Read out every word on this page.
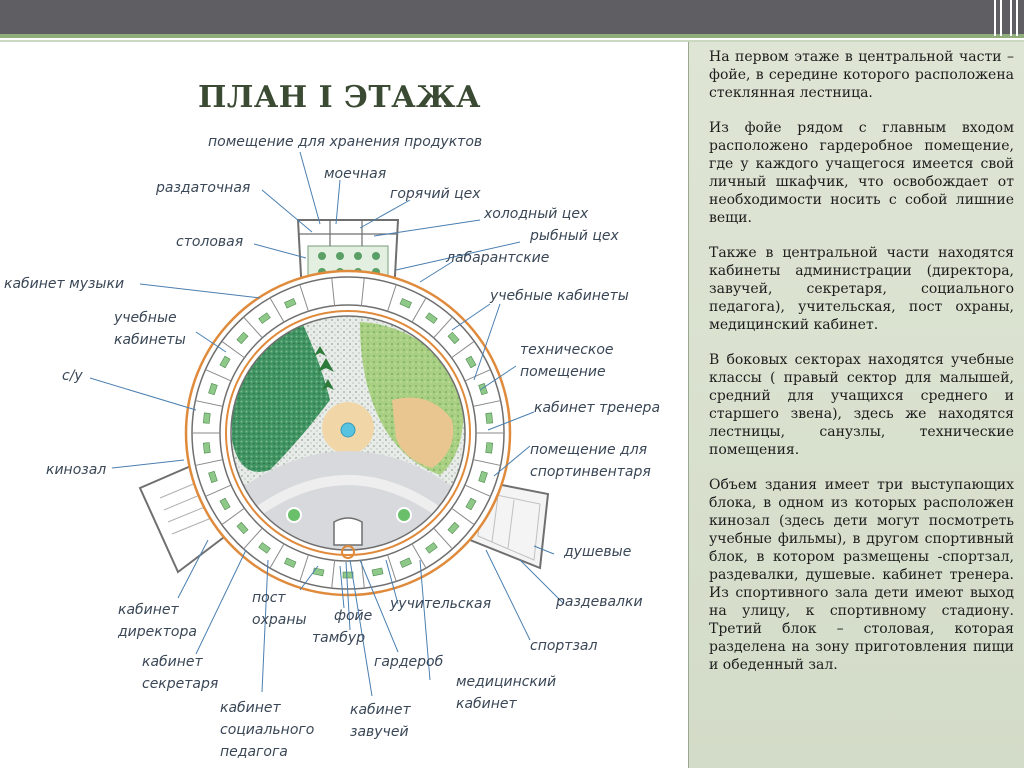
ПЛАН I ЭТАЖА
помещение для хранения продуктов
моечная
раздаточная	горячий цех
холодный цех
столовая	рыбный цех
лабарантские
кабинет музыки
учебные
кабинеты
учебные кабинеты
техническое
помещение
с/у
кабинет тренера
помещение для
спортинвентаря
кинозал
душевые
кабинет
директора
пост
охраны фойе
тамбур
уучительская	раздевалки
спортзал
кабинет
секретаря
гардероб
медицинский
кабинет
кабинет
социального
педагога
кабинет
завучей

На первом этаже в центральной части – фойе, в середине которого расположена стеклянная лестница.

Из фойе рядом с главным входом расположено гардеробное помещение, где у каждого учащегося имеется свой личный шкафчик, что освобождает от необходимости носить с собой лишние вещи.

Также в центральной части находятся кабинеты администрации (директора, завучей, секретаря, социального педагога), учительская, пост охраны, медицинский кабинет.

В боковых секторах находятся учебные классы ( правый сектор для малышей, средний для учащихся среднего и старшего звена), здесь же находятся лестницы, санузлы, технические помещения.

Объем здания имеет три выступающих блока, в одном из которых расположен кинозал (здесь дети могут посмотреть учебные фильмы), в другом спортивный блок, в котором размещены -спортзал, раздевалки, душевые. кабинет тренера. Из спортивного зала дети имеют выход на улицу, к спортивному стадиону. Третий блок – столовая, которая разделена на зону приготовления пищи и обеденный зал.
